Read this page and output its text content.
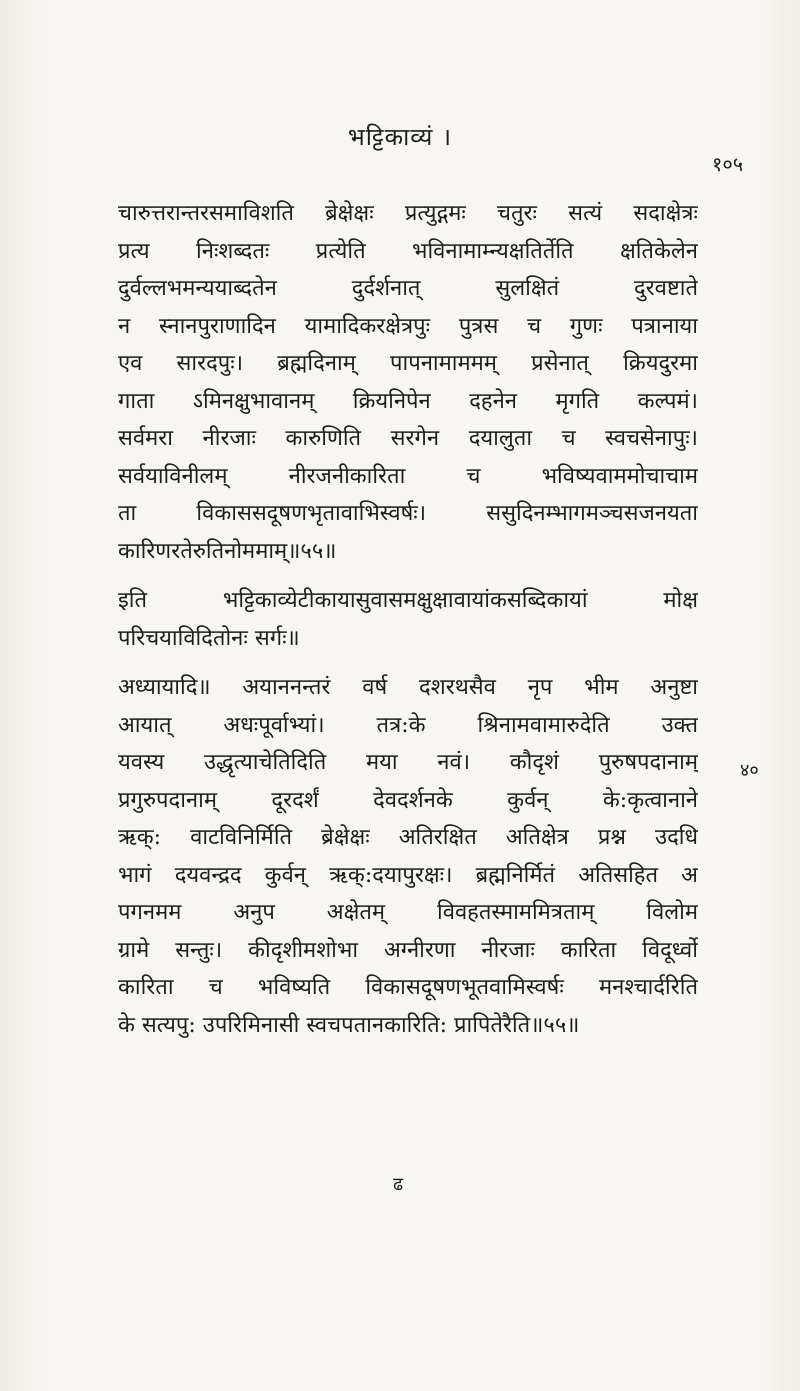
भट्टिकाव्यं ।
१०५
चारुत्तरान्तरसमाविशति ब्रेक्षेक्षः प्रत्युद्गमः चतुरः सत्यं सदाक्षेत्रः
प्रत्य निःशब्दतः प्रत्येति भविनामाम्न्यक्षतिर्तेति क्षतिकेलेन
दुर्वल्लभमन्ययाब्दतेन दुर्दर्शनात् सुलक्षितं दुरवष्टाते
न स्नानपुराणादिन यामादिकरक्षेत्रपुः पुत्रस च गुणः पत्रानाया
एव सारदपुः। ब्रह्मदिनाम् पापनामाममम् प्रसेनात् क्रियदुरमा
गाता ऽमिनक्षुभावानम् क्रियनिपेन दहनेन मृगति कल्पमं।
सर्वमरा नीरजाः कारुणिति सरगेन दयालुता च स्वचसेनापुः।
सर्वयाविनीलम् नीरजनीकारिता च भविष्यवाममोचाचाम
ता विकाससदूषणभृतावाभिस्वर्षः। ससुदिनम्भागमञ्चसजनयता
कारिणरतेरुतिनोममाम्॥५५॥
इति भट्टिकाव्येटीकायासुवासमक्षुक्षावायांकसब्दिकायां मोक्ष
परिचयाविदितोनः सर्गः॥
अध्यायादि॥ अयाननन्तरं वर्ष दशरथसैव नृप भीम अनुष्टा
आयात् अधःपूर्वाभ्यां। तत्र:के श्रिनामवामारुदेति उक्त
यवस्य उद्धृत्याचेतिदिति मया नवं। कौदृशं पुरुषपदानाम्
प्रगुरुपदानाम् दूरदर्शं देवदर्शनके कुर्वन् के:कृत्वानाने
ऋक्: वाटविनिर्मिति ब्रेक्षेक्षः अतिरक्षित अतिक्षेत्र प्रश्न उदधि
भागं दयवन्द्रद कुर्वन् ऋक्:दयापुरक्षः। ब्रह्मनिर्मितं अतिसहित अ
पगनमम अनुप अक्षेतम् विवहतस्माममित्रताम् विलोम
ग्रामे सन्तुः। कीदृशीमशोभा अग्नीरणा नीरजाः कारिता विदूर्ध्वो
कारिता च भविष्यति विकासदूषणभूतवामिस्वर्षः मनश्चार्दरिति
के सत्यपु: उपरिमिनासी स्वचपतानकारिति: प्रापितेरैति॥५५॥
४०
ढ
